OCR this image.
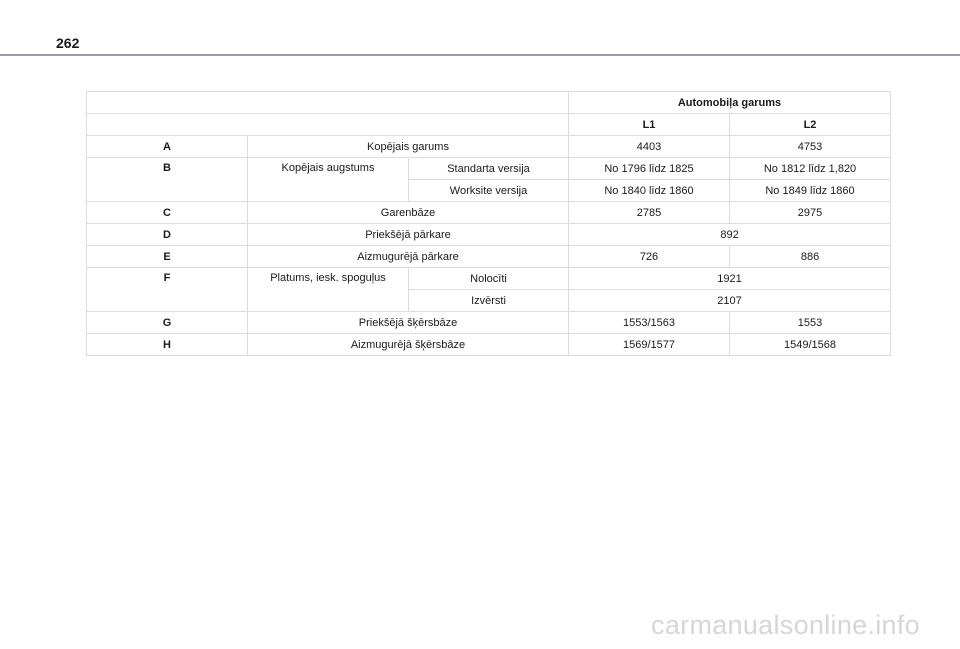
262
			Automobiļa garums	
			L1	L2
A	Kopējais garums		4403	4753
B	Kopējais augstums	Standarta versija	No 1796 līdz 1825	No 1812 līdz 1,820
		Worksite versija	No 1840 līdz 1860	No 1849 līdz 1860
C	Garenbāze		2785	2975
D	Priekšējā pārkare		892	
E	Aizmugurējā pārkare		726	886
F	Platums, iesk. spoguļus	Nolocīti	1921	
		Izvērsti	2107	
G	Priekšējā šķērsbāze		1553/1563	1553
H	Aizmugurējā šķērsbāze		1569/1577	1549/1568
carmanualsonline.info
